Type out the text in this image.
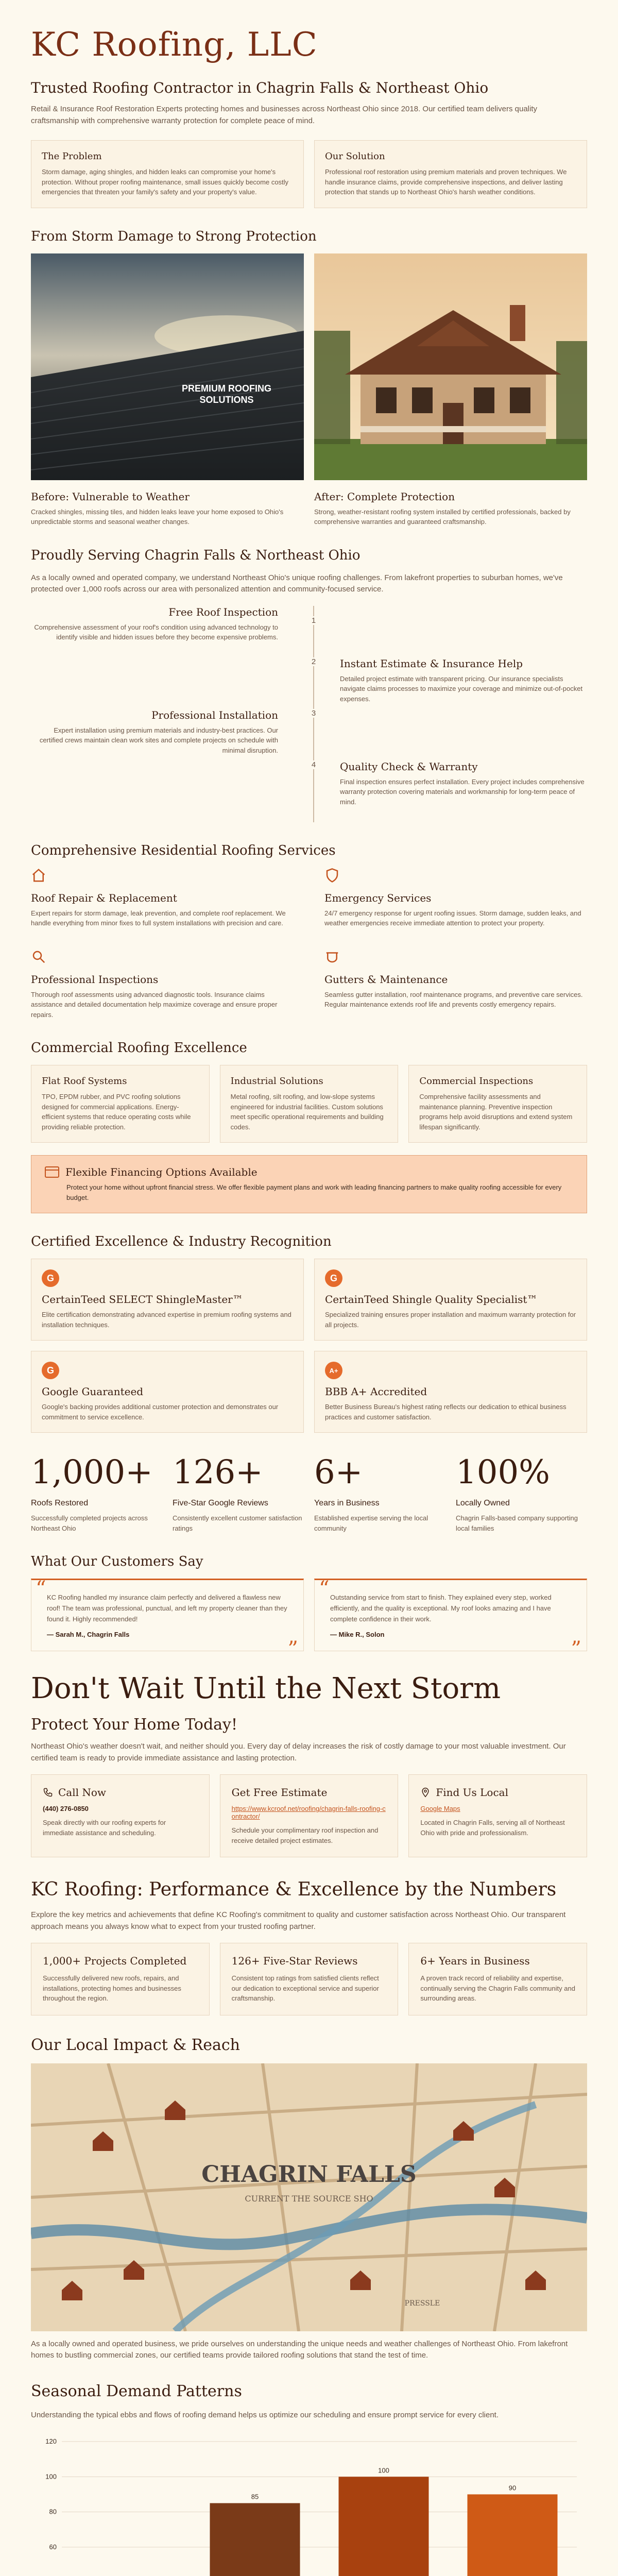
KC Roofing, LLC
Trusted Roofing Contractor in Chagrin Falls & Northeast Ohio

Retail & Insurance Roof Restoration Experts protecting homes and businesses across Northeast Ohio since 2018. Our certified team delivers quality craftsmanship with comprehensive warranty protection for complete peace of mind.

The Problem

Storm damage, aging shingles, and hidden leaks can compromise your home's protection. Without proper roofing maintenance, small issues quickly become costly emergencies that threaten your family's safety and your property's value.

Our Solution

Professional roof restoration using premium materials and proven techniques. We handle insurance claims, provide comprehensive inspections, and deliver lasting protection that stands up to Northeast Ohio's harsh weather conditions.

From Storm Damage to Strong Protection
PREMIUM ROOFING
SOLUTIONS
Before: Vulnerable to Weather
Cracked shingles, missing tiles, and hidden leaks leave your home exposed to Ohio's unpredictable storms and seasonal weather changes.
After: Complete Protection
Strong, weather-resistant roofing system installed by certified professionals, backed by comprehensive warranties and guaranteed craftsmanship.
Proudly Serving Chagrin Falls & Northeast Ohio

As a locally owned and operated company, we understand Northeast Ohio's unique roofing challenges. From lakefront properties to suburban homes, we've protected over 1,000 roofs across our area with personalized attention and community-focused service.

Free Roof Inspection

Comprehensive assessment of your roof's condition using advanced technology to identify visible and hidden issues before they become expensive problems.

1
Instant Estimate & Insurance Help

Detailed project estimate with transparent pricing. Our insurance specialists navigate claims processes to maximize your coverage and minimize out-of-pocket expenses.

2
Professional Installation

Expert installation using premium materials and industry-best practices. Our certified crews maintain clean work sites and complete projects on schedule with minimal disruption.

3
Quality Check & Warranty

Final inspection ensures perfect installation. Every project includes comprehensive warranty protection covering materials and workmanship for long-term peace of mind.

4
Comprehensive Residential Roofing Services
Roof Repair & Replacement

Expert repairs for storm damage, leak prevention, and complete roof replacement. We handle everything from minor fixes to full system installations with precision and care.

Emergency Services

24/7 emergency response for urgent roofing issues. Storm damage, sudden leaks, and weather emergencies receive immediate attention to protect your property.

Professional Inspections

Thorough roof assessments using advanced diagnostic tools. Insurance claims assistance and detailed documentation help maximize coverage and ensure proper repairs.

Gutters & Maintenance

Seamless gutter installation, roof maintenance programs, and preventive care services. Regular maintenance extends roof life and prevents costly emergency repairs.

Commercial Roofing Excellence
Flat Roof Systems

TPO, EPDM rubber, and PVC roofing solutions designed for commercial applications. Energy-efficient systems that reduce operating costs while providing reliable protection.

Industrial Solutions

Metal roofing, silt roofing, and low-slope systems engineered for industrial facilities. Custom solutions meet specific operational requirements and building codes.

Commercial Inspections

Comprehensive facility assessments and maintenance planning. Preventive inspection programs help avoid disruptions and extend system lifespan significantly.

Flexible Financing Options Available

Protect your home without upfront financial stress. We offer flexible payment plans and work with leading financing partners to make quality roofing accessible for every budget.

Certified Excellence & Industry Recognition
G
CertainTeed SELECT ShingleMaster™

Elite certification demonstrating advanced expertise in premium roofing systems and installation techniques.

G
CertainTeed Shingle Quality Specialist™

Specialized training ensures proper installation and maximum warranty protection for all projects.

G
Google Guaranteed

Google's backing provides additional customer protection and demonstrates our commitment to service excellence.

A+
BBB A+ Accredited

Better Business Bureau's highest rating reflects our dedication to ethical business practices and customer satisfaction.

1,000+
Roofs Restored
Successfully completed projects across Northeast Ohio
126+
Five-Star Google Reviews
Consistently excellent customer satisfaction ratings
6+
Years in Business
Established expertise serving the local community
100%
Locally Owned
Chagrin Falls-based company supporting local families
What Our Customers Say
“ KC Roofing handled my insurance claim perfectly and delivered a flawless new roof! The team was professional, punctual, and left my property cleaner than they found it. Highly recommended!

— Sarah M., Chagrin Falls
”
“ Outstanding service from start to finish. They explained every step, worked efficiently, and the quality is exceptional. My roof looks amazing and I have complete confidence in their work.

— Mike R., Solon
”
Don't Wait Until the Next Storm
Protect Your Home Today!

Northeast Ohio's weather doesn't wait, and neither should you. Every day of delay increases the risk of costly damage to your most valuable investment. Our certified team is ready to provide immediate assistance and lasting protection.

Call Now
(440) 276-0850

Speak directly with our roofing experts for immediate assistance and scheduling.

Get Free Estimate
https://www.kcroof.net/roofing/chagrin-falls-roofing-contractor/

Schedule your complimentary roof inspection and receive detailed project estimates.

Find Us Local
Google Maps

Located in Chagrin Falls, serving all of Northeast Ohio with pride and professionalism.

KC Roofing: Performance & Excellence by the Numbers

Explore the key metrics and achievements that define KC Roofing's commitment to quality and customer satisfaction across Northeast Ohio. Our transparent approach means you always know what to expect from your trusted roofing partner.

1,000+ Projects Completed

Successfully delivered new roofs, repairs, and installations, protecting homes and businesses throughout the region.

126+ Five-Star Reviews

Consistent top ratings from satisfied clients reflect our dedication to exceptional service and superior craftsmanship.

6+ Years in Business

A proven track record of reliability and expertise, continually serving the Chagrin Falls community and surrounding areas.

Our Local Impact & Reach
CHAGRIN FALLS
CURRENT THE SOURCE SHO
PRESSLE

As a locally owned and operated business, we pride ourselves on understanding the unique needs and weather challenges of Northeast Ohio. From lakefront homes to bustling commercial zones, our certified teams provide tailored roofing solutions that stand the test of time.

Seasonal Demand Patterns

Understanding the typical ebbs and flows of roofing demand helps us optimize our scheduling and ensure prompt service for every client.

60
80
100
120
85
100
90
